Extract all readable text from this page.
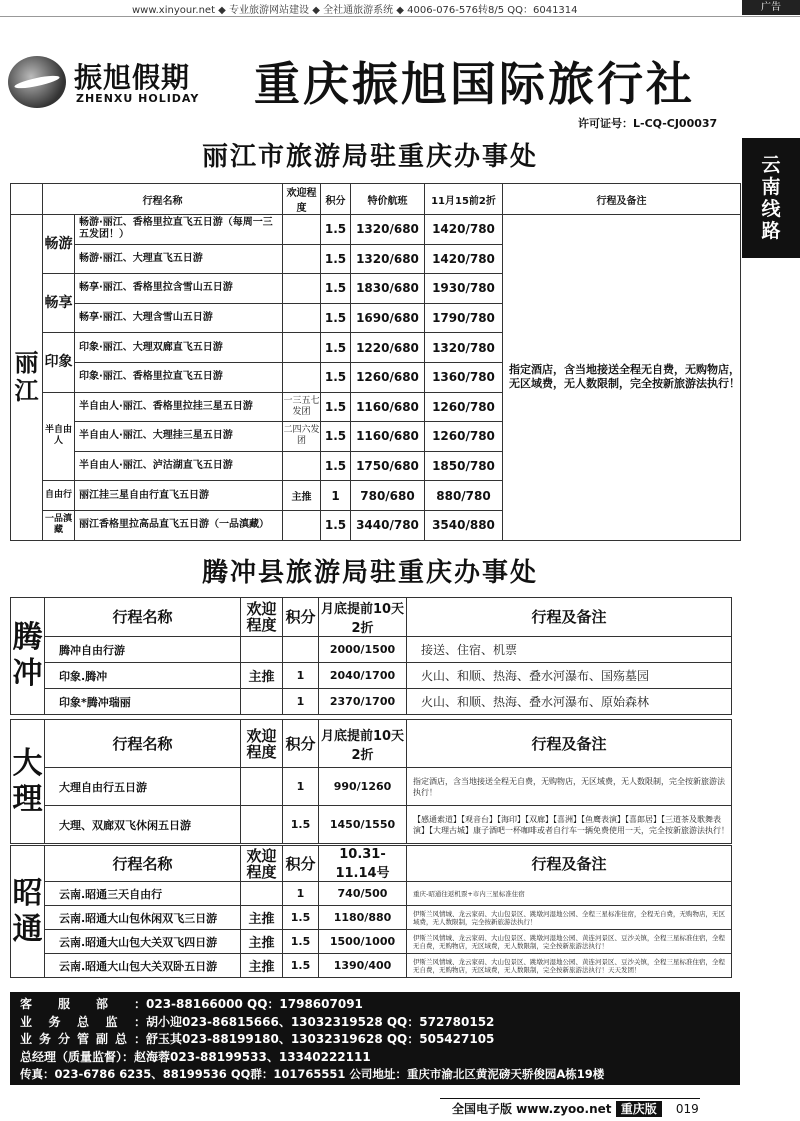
www.xinyour.net ◆ 专业旅游网站建设 ◆ 全社通旅游系统 ◆ 4006-076-576转8/5 QQ：6041314	广告
振旭假期
ZHENXU HOLIDAY 重庆振旭国际旅行社
许可证号：L-CQ-CJ00037
云
南
线
路
丽江市旅游局驻重庆办事处
	行程名称		欢迎程度	积分	特价航班	11月15前2折	行程及备注
丽江	畅游	畅游·丽江、香格里拉直飞五日游（每周一三五发团！）		1.5	1320/680	1420/780	指定酒店，含当地接送全程无自费，无购物店，无区域费，无人数限制，完全按新旅游法执行！
		畅游·丽江、大理直飞五日游		1.5	1320/680	1420/780	
	畅享	畅享·丽江、香格里拉含雪山五日游		1.5	1830/680	1930/780	
		畅享·丽江、大理含雪山五日游		1.5	1690/680	1790/780	
	印象	印象·丽江、大理双廊直飞五日游		1.5	1220/680	1320/780	
		印象·丽江、香格里拉直飞五日游		1.5	1260/680	1360/780	
	半自由人	半自由人·丽江、香格里拉挂三星五日游	一三五七发团	1.5	1160/680	1260/780	
		半自由人·丽江、大理挂三星五日游	二四六发团	1.5	1160/680	1260/780	
		半自由人·丽江、泸沽湖直飞五日游		1.5	1750/680	1850/780	
	自由行	丽江挂三星自由行直飞五日游	主推	1	780/680	880/780	
	一品滇藏	丽江香格里拉高品直飞五日游（一品滇藏）		1.5	3440/780	3540/880	
腾冲县旅游局驻重庆办事处
腾冲	行程名称	欢迎程度	积分	月底提前10天2折	行程及备注
	腾冲自由行游			2000/1500	接送、住宿、机票
	印象.腾冲	主推	1	2040/1700	火山、和顺、热海、叠水河瀑布、国殇墓园
	印象*腾冲瑞丽		1	2370/1700	火山、和顺、热海、叠水河瀑布、原始森林
大理	行程名称	欢迎程度	积分	月底提前10天2折	行程及备注
	大理自由行五日游		1	990/1260	指定酒店，含当地接送全程无自费，无购物店，无区域费，无人数限制，完全按新旅游法执行！
	大理、双廊双飞休闲五日游		1.5	1450/1550	【感通索道】【观音台】【海印】【双廊】【喜洲】【鱼鹰表演】【喜郎居】【三道茶及歌舞表演】【大理古城】康子酒吧一杯咖啡或者自行车一辆免费使用一天，完全按新旅游法执行！
昭通	行程名称	欢迎程度	积分	10.31-11.14号	行程及备注
	云南.昭通三天自由行		1	740/500	重庆-昭通往返机票+市内三星标准住宿
	云南.昭通大山包休闲双飞三日游	主推	1.5	1180/880	伊斯兰风情城、龙云家码、大山包景区、跳墩河湿地公园、全程三星标准住宿，全程无自费，无购物店，无区域费，无人数限制，完全按新旅游法执行！
	云南.昭通大山包大关双飞四日游	主推	1.5	1500/1000	伊斯兰风情城、龙云家码、大山包景区、跳墩河湿地公园、黄连河景区、豆沙关镇，全程三星标准住宿，全程无自费，无购物店，无区域费，无人数限制，完全按新旅游法执行！
	云南.昭通大山包大关双卧五日游	主推	1.5	1390/400	伊斯兰风情城、龙云家码、大山包景区、跳墩河湿地公园、黄连河景区、豆沙关镇，全程三星标准住宿，全程无自费，无购物店，无区域费，无人数限制，完全按新旅游法执行！天天发团！
客服部：023-88166000 QQ：1798607091
业务总监：胡小迎023-86815666、13032319528 QQ：572780152
业务分管副总：舒玉其023-88199180、13032319628 QQ：505427105
总经理（质量监督）：赵海蓉023-88199533、13340222111
传真：023-6786 6235、88199536 QQ群：101765551 公司地址：重庆市渝北区黄泥磅天骄俊园A栋19楼
全国电子版 www.zyoo.net 重庆版 019
